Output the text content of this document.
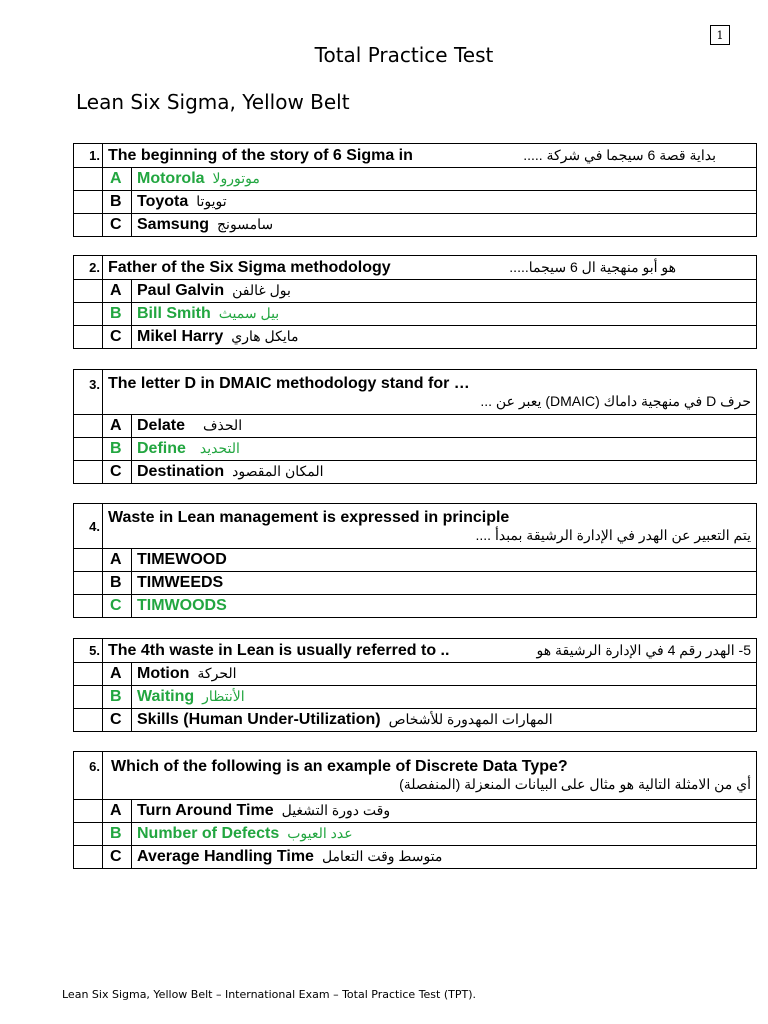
1
Total Practice Test
Lean Six Sigma, Yellow Belt
1.	The beginning of the story of 6 Sigma in بداية قصة 6 سيجما في شركة .....	

	A	Motorola موتورولا
	B	Toyota تويوتا
	C	Samsung سامسونج
2.	Father of the Six Sigma methodology هو أبو منهجية ال 6 سيجما.....	

	A	Paul Galvin بول غالفن
	B	Bill Smith بيل سميث
	C	Mikel Harry مايكل هاري
3.	The letter D in DMAIC methodology stand for …
حرف D في منهجية داماك (DMAIC) يعبر عن ...	

	A	Delate الحذف
	B	Define التحديد
	C	Destination المكان المقصود
4.	Waste in Lean management is expressed in principle
يتم التعبير عن الهدر في الإدارة الرشيقة بمبدأ ....	

	A	TIMEWOOD
	B	TIMWEEDS
	C	TIMWOODS
5.	The 4th waste in Lean is usually referred to .. 5- الهدر رقم 4 في الإدارة الرشيقة هو	

	A	Motion الحركة
	B	Waiting الأنتظار
	C	Skills (Human Under-Utilization) المهارات المهدورة للأشخاص
6.	Which of the following is an example of Discrete Data Type?
أي من الامثلة التالية هو مثال على البيانات المنعزلة (المنفصلة)	

	A	Turn Around Time وقت دورة التشغيل
	B	Number of Defects عدد العيوب
	C	Average Handling Time متوسط وقت التعامل
Lean Six Sigma, Yellow Belt – International Exam – Total Practice Test (TPT).
